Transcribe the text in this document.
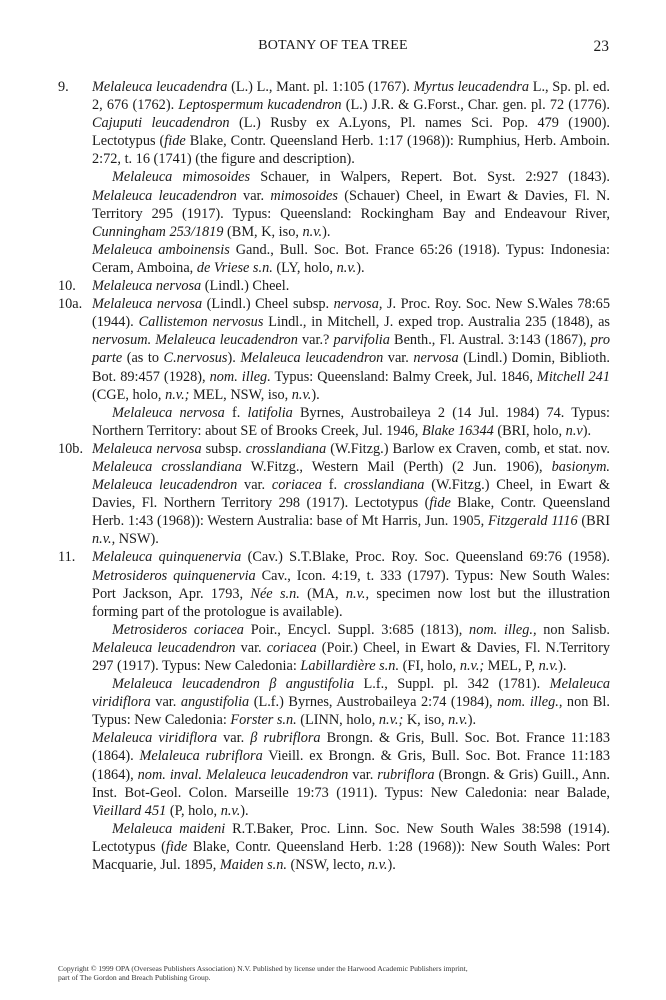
BOTANY OF TEA TREE	23
9. Melaleuca leucadendra (L.) L., Mant. pl. 1:105 (1767). Myrtus leucadendra L., Sp. pl. ed. 2, 676 (1762). Leptospermum kucadendron (L.) J.R. & G.Forst., Char. gen. pl. 72 (1776). Cajuputi leucadendron (L.) Rusby ex A.Lyons, Pl. names Sci. Pop. 479 (1900). Lectotypus (fide Blake, Contr. Queensland Herb. 1:17 (1968)): Rumphius, Herb. Amboin. 2:72, t. 16 (1741) (the figure and description).

Melaleuca mimosoides Schauer, in Walpers, Repert. Bot. Syst. 2:927 (1843). Melaleuca leucadendron var. mimosoides (Schauer) Cheel, in Ewart & Davies, Fl. N. Territory 295 (1917). Typus: Queensland: Rockingham Bay and Endeavour River, Cunningham 253/1819 (BM, K, iso, n.v.).

Melaleuca amboinensis Gand., Bull. Soc. Bot. France 65:26 (1918). Typus: Indonesia: Ceram, Amboina, de Vriese s.n. (LY, holo, n.v.).

10. Melaleuca nervosa (Lindl.) Cheel.

10a. Melaleuca nervosa (Lindl.) Cheel subsp. nervosa, J. Proc. Roy. Soc. New S.Wales 78:65 (1944). Callistemon nervosus Lindl., in Mitchell, J. exped trop. Australia 235 (1848), as nervosum. Melaleuca leucadendron var.? parvifolia Benth., Fl. Austral. 3:143 (1867), pro parte (as to C.nervosus). Melaleuca leucadendron var. nervosa (Lindl.) Domin, Biblioth. Bot. 89:457 (1928), nom. illeg. Typus: Queensland: Balmy Creek, Jul. 1846, Mitchell 241 (CGE, holo, n.v.; MEL, NSW, iso, n.v.).

Melaleuca nervosa f. latifolia Byrnes, Austrobaileya 2 (14 Jul. 1984) 74. Typus: Northern Territory: about SE of Brooks Creek, Jul. 1946, Blake 16344 (BRI, holo, n.v).

10b. Melaleuca nervosa subsp. crosslandiana (W.Fitzg.) Barlow ex Craven, comb, et stat. nov. Melaleuca crosslandiana W.Fitzg., Western Mail (Perth) (2 Jun. 1906), basionym. Melaleuca leucadendron var. coriacea f. crosslandiana (W.Fitzg.) Cheel, in Ewart & Davies, Fl. Northern Territory 298 (1917). Lectotypus (fide Blake, Contr. Queensland Herb. 1:43 (1968)): Western Australia: base of Mt Harris, Jun. 1905, Fitzgerald 1116 (BRI n.v., NSW).

11. Melaleuca quinquenervia (Cav.) S.T.Blake, Proc. Roy. Soc. Queensland 69:76 (1958). Metrosideros quinquenervia Cav., Icon. 4:19, t. 333 (1797). Typus: New South Wales: Port Jackson, Apr. 1793, Née s.n. (MA, n.v., specimen now lost but the illustration forming part of the protologue is available).

Metrosideros coriacea Poir., Encycl. Suppl. 3:685 (1813), nom. illeg., non Salisb. Melaleuca leucadendron var. coriacea (Poir.) Cheel, in Ewart & Davies, Fl. N.Territory 297 (1917). Typus: New Caledonia: Labillardière s.n. (FI, holo, n.v.; MEL, P, n.v.).

Melaleuca leucadendron β angustifolia L.f., Suppl. pl. 342 (1781). Melaleuca viridiflora var. angustifolia (L.f.) Byrnes, Austrobaileya 2:74 (1984), nom. illeg., non Bl. Typus: New Caledonia: Forster s.n. (LINN, holo, n.v.; K, iso, n.v.).

Melaleuca viridiflora var. β rubriflora Brongn. & Gris, Bull. Soc. Bot. France 11:183 (1864). Melaleuca rubriflora Vieill. ex Brongn. & Gris, Bull. Soc. Bot. France 11:183 (1864), nom. inval. Melaleuca leucadendron var. rubriflora (Brongn. & Gris) Guill., Ann. Inst. Bot-Geol. Colon. Marseille 19:73 (1911). Typus: New Caledonia: near Balade, Vieillard 451 (P, holo, n.v.).

Melaleuca maideni R.T.Baker, Proc. Linn. Soc. New South Wales 38:598 (1914). Lectotypus (fide Blake, Contr. Queensland Herb. 1:28 (1968)): New South Wales: Port Macquarie, Jul. 1895, Maiden s.n. (NSW, lecto, n.v.).

Copyright © 1999 OPA (Overseas Publishers Association) N.V. Published by license under the Harwood Academic Publishers imprint,
part of The Gordon and Breach Publishing Group.
